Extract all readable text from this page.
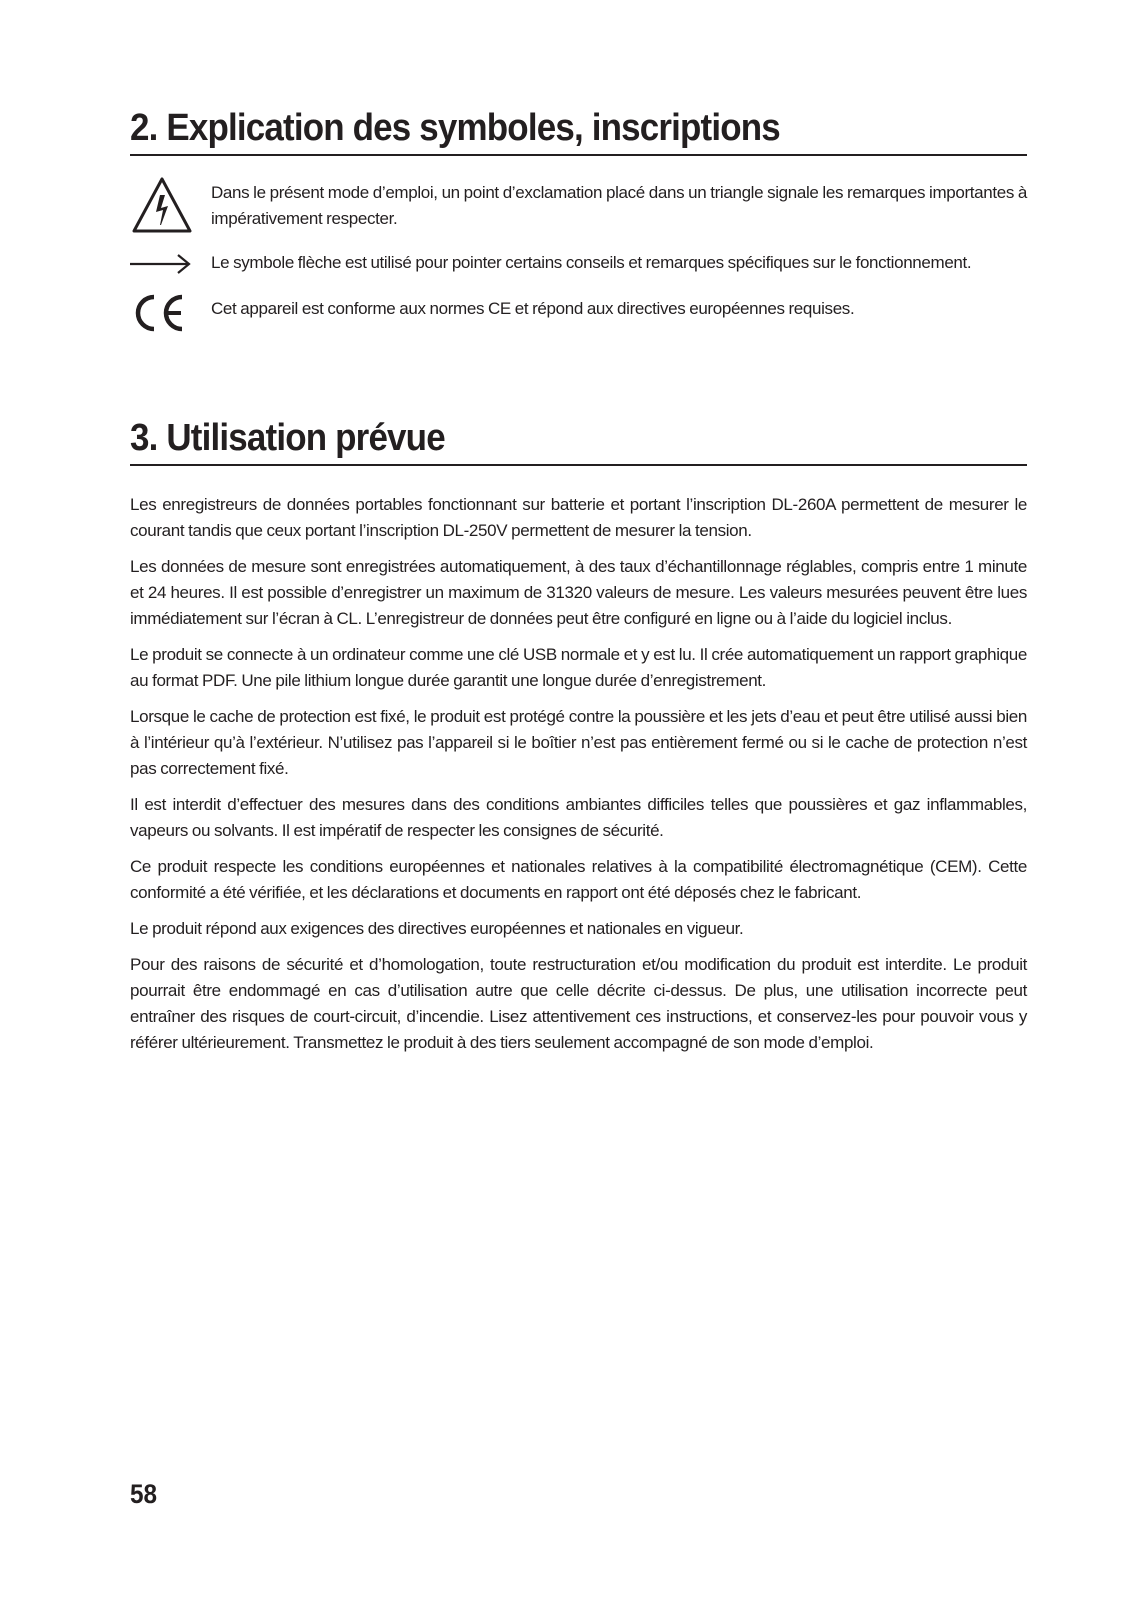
2. Explication des symboles, inscriptions
Dans le présent mode d’emploi, un point d’exclamation placé dans un triangle signale les remarques importantes à impérativement respecter.
Le symbole flèche est utilisé pour pointer certains conseils et remarques spécifiques sur le fonctionnement.
Cet appareil est conforme aux normes CE et répond aux directives européennes requises.
3. Utilisation prévue

Les enregistreurs de données portables fonctionnant sur batterie et portant l’inscription DL-260A permettent de mesurer le courant tandis que ceux portant l’inscription DL-250V permettent de mesurer la tension.

Les données de mesure sont enregistrées automatiquement, à des taux d’échantillonnage réglables, compris entre 1 minute et 24 heures. Il est possible d’enregistrer un maximum de 31320 valeurs de mesure. Les valeurs mesurées peuvent être lues immédiatement sur l’écran à CL. L’enregistreur de données peut être configuré en ligne ou à l’aide du logiciel inclus.

Le produit se connecte à un ordinateur comme une clé USB normale et y est lu. Il crée automatiquement un rapport graphique au format PDF. Une pile lithium longue durée garantit une longue durée d’enregistrement.

Lorsque le cache de protection est fixé, le produit est protégé contre la poussière et les jets d’eau et peut être utilisé aussi bien à l’intérieur qu’à l’extérieur. N’utilisez pas l’appareil si le boîtier n’est pas entièrement fermé ou si le cache de protection n’est pas correctement fixé.

Il est interdit d’effectuer des mesures dans des conditions ambiantes difficiles telles que poussières et gaz inflammables, vapeurs ou solvants. Il est impératif de respecter les consignes de sécurité.

Ce produit respecte les conditions européennes et nationales relatives à la compatibilité électromagnétique (CEM). Cette conformité a été vérifiée, et les déclarations et documents en rapport ont été déposés chez le fabricant.

Le produit répond aux exigences des directives européennes et nationales en vigueur.

Pour des raisons de sécurité et d’homologation, toute restructuration et/ou modification du produit est interdite. Le produit pourrait être endommagé en cas d’utilisation autre que celle décrite ci-dessus. De plus, une utilisation incorrecte peut entraîner des risques de court-circuit, d’incendie. Lisez attentivement ces instructions, et conservez-les pour pouvoir vous y référer ultérieurement. Transmettez le produit à des tiers seulement accompagné de son mode d’emploi.

58
